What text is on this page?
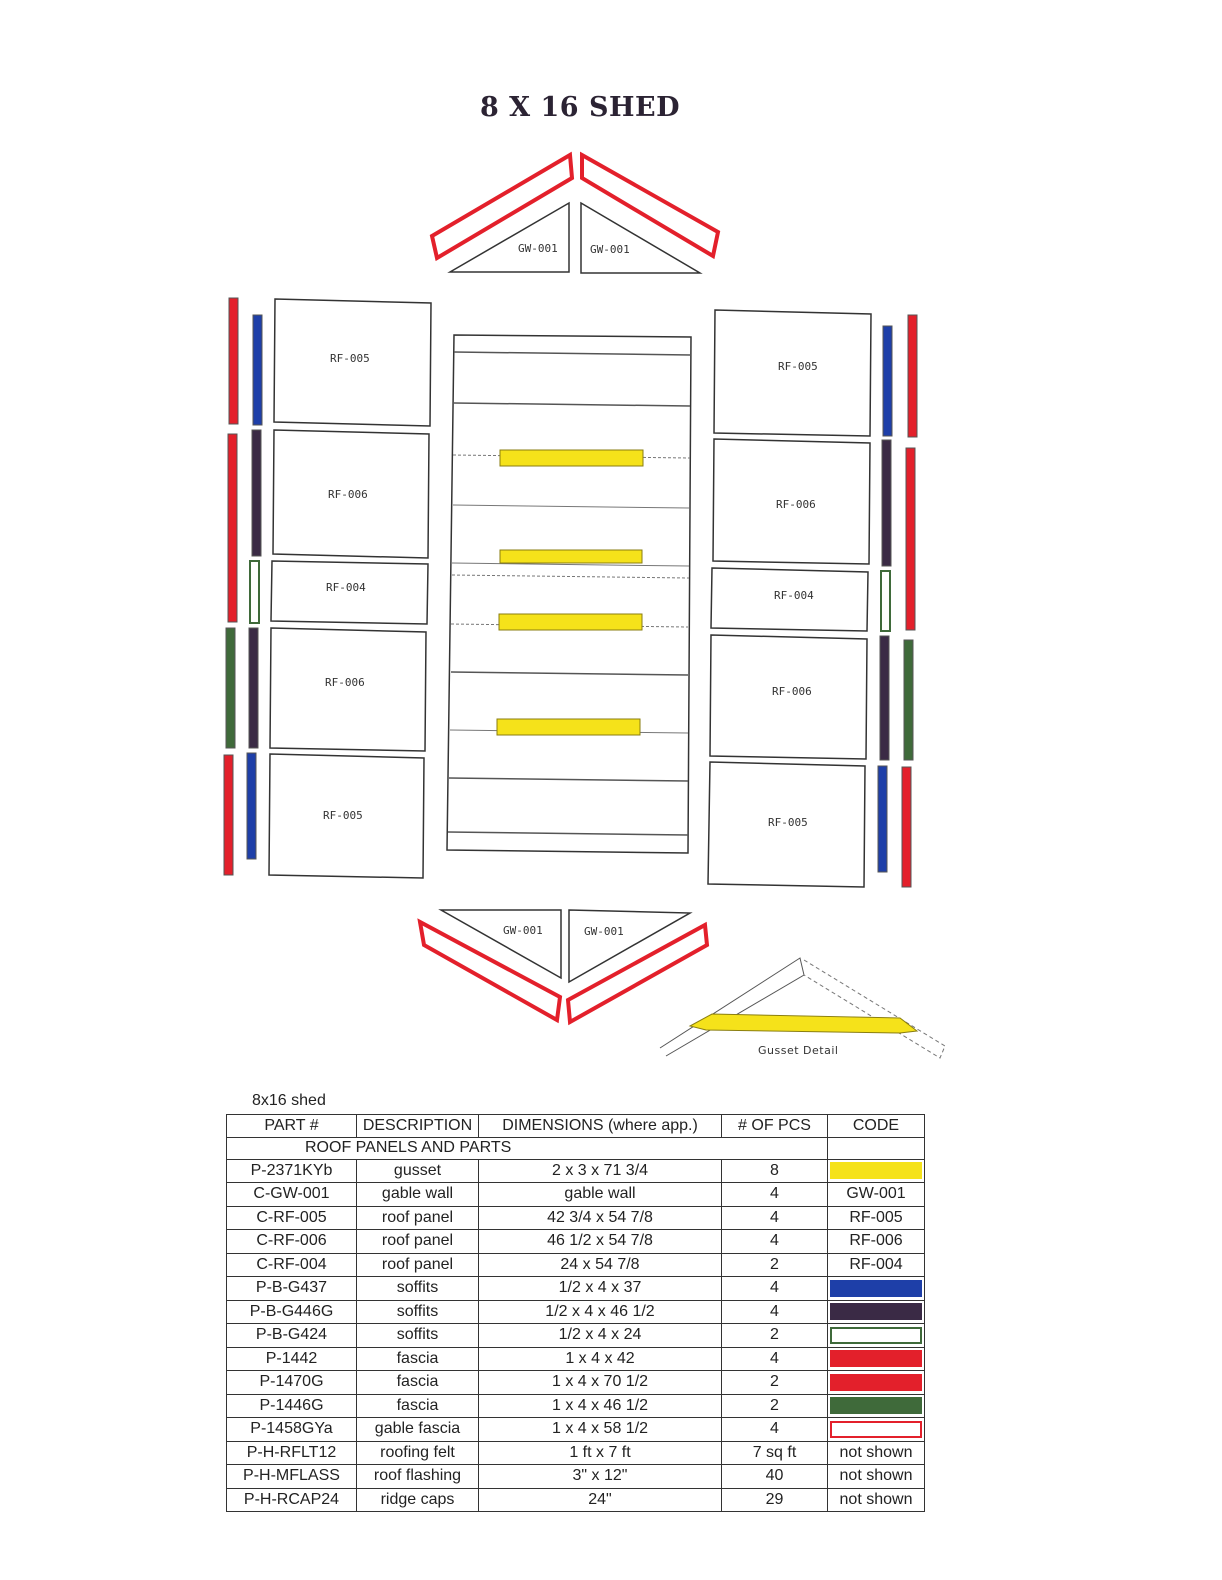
8 X 16 SHED
GW-001	GW-001
RF-005
RF-006
RF-004
RF-006
RF-005
RF-005
RF-006
RF-004
RF-006
RF-005
GW-001	GW-001
Gusset Detail
8x16 shed
PART #	DESCRIPTION	DIMENSIONS (where app.)	# OF PCS	CODE
ROOF PANELS AND PARTS				
P-2371KYb	gusset	2 x 3 x 71 3/4	8	

C-GW-001	gable wall	gable wall	4	GW-001

C-RF-005	roof panel	42 3/4 x 54 7/8	4	RF-005

C-RF-006	roof panel	46 1/2 x 54 7/8	4	RF-006

C-RF-004	roof panel	24 x 54 7/8	2	RF-004

P-B-G437	soffits	1/2 x 4 x 37	4	

P-B-G446G	soffits	1/2 x 4 x 46 1/2	4	

P-B-G424	soffits	1/2 x 4 x 24	2	

P-1442	fascia	1 x 4 x 42	4	

P-1470G	fascia	1 x 4 x 70 1/2	2	

P-1446G	fascia	1 x 4 x 46 1/2	2	

P-1458GYa	gable fascia	1 x 4 x 58 1/2	4	

P-H-RFLT12	roofing felt	1 ft x 7 ft	7 sq ft	not shown

P-H-MFLASS	roof flashing	3" x 12"	40	not shown

P-H-RCAP24	ridge caps	24"	29	not shown
